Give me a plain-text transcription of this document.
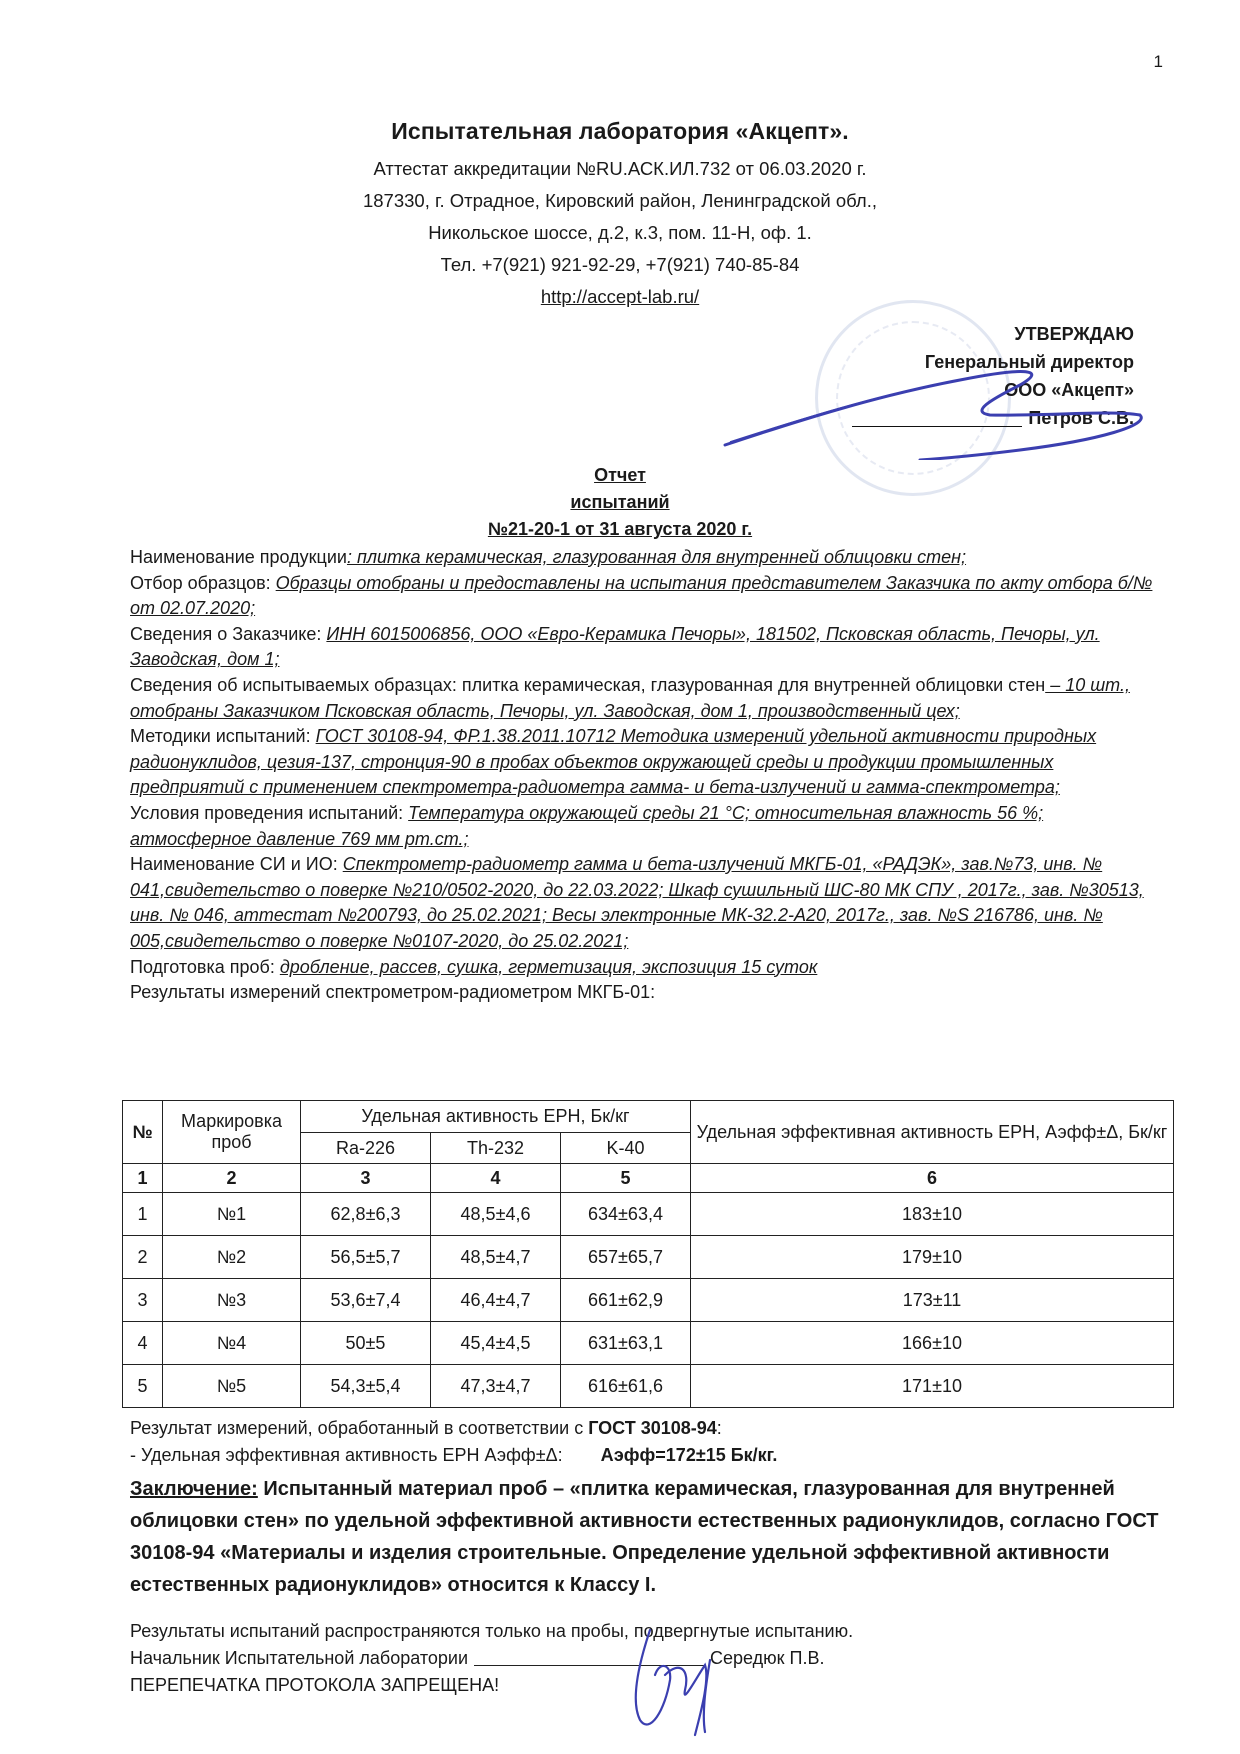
1
Испытательная лаборатория «Акцепт».
Аттестат аккредитации №RU.АСК.ИЛ.732 от 06.03.2020 г.
187330, г. Отрадное, Кировский район, Ленинградской обл.,
Никольское шоссе, д.2, к.3, пом. 11-Н, оф. 1.
Тел. +7(921) 921-92-29, +7(921) 740-85-84
http://accept-lab.ru/
УТВЕРЖДАЮ
Генеральный директор
ООО «Акцепт»
Петров С.В.
Отчет
испытаний
№21-20-1 от 31 августа 2020 г.

Наименование продукции: плитка керамическая, глазурованная для внутренней облицовки стен;

Отбор образцов: Образцы отобраны и предоставлены на испытания представителем Заказчика по акту отбора б/№ от 02.07.2020;

Сведения о Заказчике: ИНН 6015006856, ООО «Евро-Керамика Печоры», 181502, Псковская область, Печоры, ул. Заводская, дом 1;

Сведения об испытываемых образцах: плитка керамическая, глазурованная для внутренней облицовки стен – 10 шт., отобраны Заказчиком Псковская область, Печоры, ул. Заводская, дом 1, производственный цех;

Методики испытаний: ГОСТ 30108-94, ФР.1.38.2011.10712 Методика измерений удельной активности природных радионуклидов, цезия-137, стронция-90 в пробах объектов окружающей среды и продукции промышленных предприятий с применением спектрометра-радиометра гамма- и бета-излучений и гамма-спектрометра;

Условия проведения испытаний: Температура окружающей среды 21 °С; относительная влажность 56 %; атмосферное давление 769 мм рт.ст.;

Наименование СИ и ИО: Спектрометр-радиометр гамма и бета-излучений МКГБ-01, «РАДЭК», зав.№73, инв. № 041,свидетельство о поверке №210/0502-2020, до 22.03.2022; Шкаф сушильный ШС-80 МК СПУ , 2017г., зав. №30513, инв. № 046, аттестат №200793, до 25.02.2021; Весы электронные МК-32.2-А20, 2017г., зав. №S 216786, инв. № 005,свидетельство о поверке №0107-2020, до 25.02.2021;

Подготовка проб: дробление, рассев, сушка, герметизация, экспозиция 15 суток

Результаты измерений спектрометром-радиометром МКГБ-01:

№	Маркировка проб	Удельная активность ЕРН, Бк/кг			Удельная эффективная активность ЕРН, Аэфф±Δ, Бк/кг
		Ra-226	Th-232	K-40	
1	2	3	4	5	6
1	№1	62,8±6,3	48,5±4,6	634±63,4	183±10
2	№2	56,5±5,7	48,5±4,7	657±65,7	179±10
3	№3	53,6±7,4	46,4±4,7	661±62,9	173±11
4	№4	50±5	45,4±4,5	631±63,1	166±10
5	№5	54,3±5,4	47,3±4,7	616±61,6	171±10
Результат измерений, обработанный в соответствии с ГОСТ 30108-94:
- Удельная эффективная активность ЕРН Аэфф±Δ: Аэфф=172±15 Бк/кг.
Заключение: Испытанный материал проб – «плитка керамическая, глазурованная для внутренней облицовки стен» по удельной эффективной активности естественных радионуклидов, согласно ГОСТ 30108-94 «Материалы и изделия строительные. Определение удельной эффективной активности естественных радионуклидов» относится к Классу I.
Результаты испытаний распространяются только на пробы, подвергнутые испытанию.
Начальник Испытательной лаборатории	Середюк П.В.
ПЕРЕПЕЧАТКА ПРОТОКОЛА ЗАПРЕЩЕНА!
